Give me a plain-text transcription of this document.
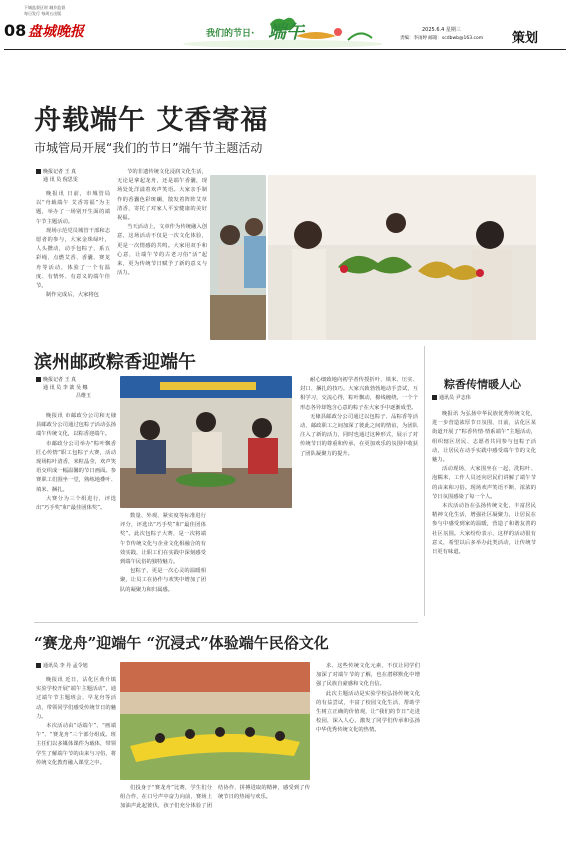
下城监督区时 城乡监督
每日发行 每周五出版
08 盘城晚报	我们的节日· 端午	2025.6.4 星期三
责编：李雨婷 邮箱：scdbwb@163.com 策划
舟载端午 艾香寄福
市城管局开展“我们的节日”端午节主题活动
晚报记者 王 真
通 讯 员 倪思雯

晚报讯 日前，市城管局以“舟载端午 艾香寄福”为主题，举办了一场别开生面的端午节主题活动。

现场示范党员城管干部和志愿者的参与，大家金珠绿叶，人头攒动，动手包粽子、系五彩绳、点燃艾香、香囊、赛龙舟等活动，体验了一个有温度、有情怀、有意义的端午佳节。

制作完成后，大家将包

节的非遗传统文化浸润文化生活，无论是拿起龙舟，还是端午香囊，现场处处洋溢着欢声笑语。大家亲手制作的香囊色彩斑斓，散发着阵阵艾草清香，寄托了对家人平安健康的美好祝福。

当天活动上，文章作为传统融入创意，这场活动不仅是一次文化体验，更是一次情感的共鸣。大家用双手和心意，让端午节的古老习俗“活”起来，更为传统节日赋予了新的意义与活力。

滨州邮政粽香迎端午
晚报记者 王 真
通 讯 员 李 歆 吴 娜
吕维玉

晚报讯 市邮政分公司和无棣县邮政分公司通过包粽子活动弘扬端午传统文化，以粽香迎端午。

市邮政分公司举办“粽叶飘香 匠心传情”职工包粽子大赛，活动现场粽叶清香，米粒晶莹，欢声笑语交织成一幅温馨的节日画面。参赛职工们围坐一堂，熟练地叠叶、填米、捆扎。

大赛分为三个组进行，评选出“巧手奖”和“最佳团体奖”。

数量、外观、紧实度等标准进行评分，评选出“巧手奖”和“最佳团体奖”。此次包粽子大赛，是一次将端午节传统文化与企业文化相融合的有效实践，让职工们在实践中深刻感受到端午民俗的独特魅力。

包粽子，更是一次心灵的温暖相聚，让员工在协作与欢笑中增加了团队的凝聚力和归属感。

耐心细致地向初学者传授折叶、填米、压实、封口、捆扎的技巧。大家兴致勃勃地动手尝试，互相学习，交流心得，粽叶飘动，棉线缠绕，一个个形态各异却饱含心意的粽子在大家手中逐渐成型。

无棣县邮政分公司通过以包粽子、品粽香等活动，邮政职工之间加深了彼此之间的情谊，为团队注入了新的活力，同时也通过这种形式，展示了对传统节日的尊重和传承，在更加欢乐的氛围中收获了团队凝聚力的提升。

粽香传情暖人心
通讯员 尹志伟

晚报讯 为弘扬中华民族优秀传统文化，进一步营造浓厚节日氛围，日前，沾化区某街道开展了“粽香传情·情系端午”主题活动，组织辖区居民、志愿者共同参与包粽子活动，让居民在动手实践中感受端午节的文化魅力。

活动现场，大家围坐在一起，洗粽叶、泡糯米，工作人员还向居民们讲解了端午节的由来和习俗。现场欢声笑语不断，浓浓的节日氛围感染了每一个人。

本次活动旨在弘扬传统文化，丰富居民精神文化生活，增强社区凝聚力，让居民在参与中感受到家的温暖，营造了和谐友善的社区氛围。大家纷纷表示，这样的活动很有意义，希望以后多举办此类活动，让传统节日更有味道。

“赛龙舟”迎端午 “沉浸式”体验端午民俗文化
通讯员 李 丹 孟令旭

晚报讯 近日，沾化区黄升镇实验学校开展“端午主题活动”，通过端午节主题班会、早龙舟等活动，带领同学们感受传统节日的魅力。

本次活动由“话端午”、“画端午”、“赛龙舟”三个部分组成。班主任们以多媒体课件为载体，带领学生了解端午节的由来与习俗，将传统文化教育融入课堂之中。

们投身于“赛龙舟”比赛，学生们分组合作，在口号声中奋力向前，赛场上加油声此起彼伏，孩子们充分体验了团结协作、拼搏进取的精神，感受到了传统节日的热闹与欢乐。

求、这些传统文化元素，不仅让同学们加深了对端午节的了解，也在潜移默化中增强了民族自豪感和文化自信。

此次主题活动是实验学校弘扬传统文化的有益尝试，丰富了校园文化生活，帮助学生树立正确的价值观，让“我们的节日”走进校园，深入人心，激发了同学们传承和弘扬中华优秀传统文化的热情。
